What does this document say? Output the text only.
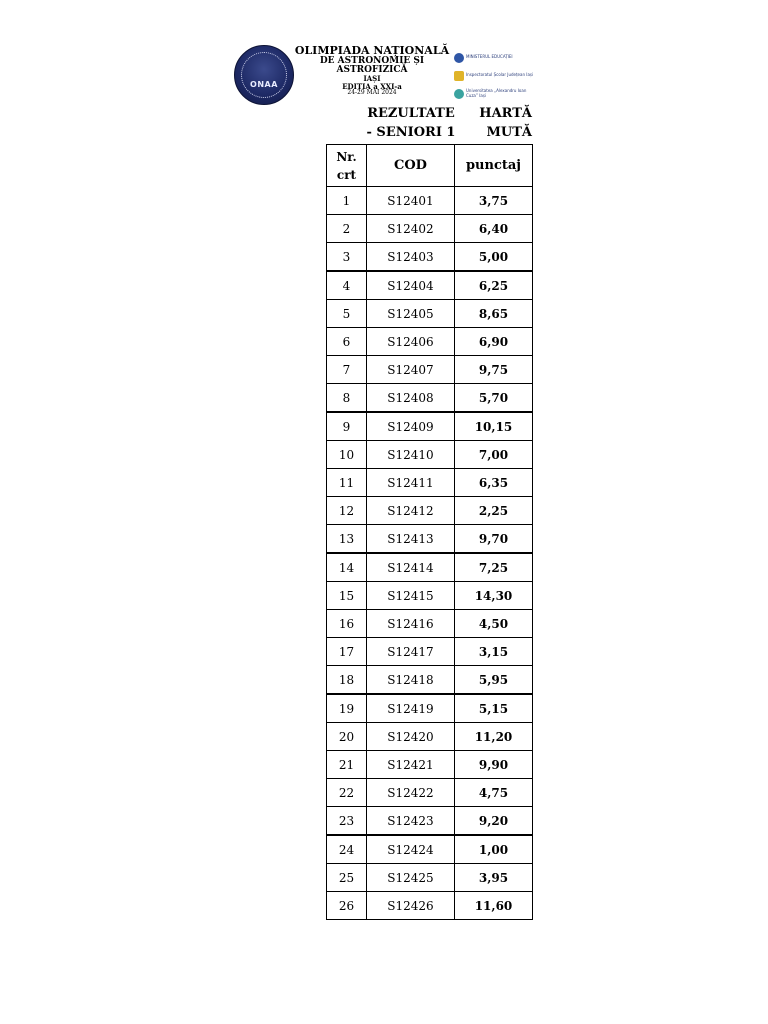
ONAA
OLIMPIADA NAȚIONALĂ
DE ASTRONOMIE ȘI ASTROFIZICĂ
IAȘI
EDIȚIA a XXI-a
24-29 MAI 2024
MINISTERUL EDUCAȚIEI
Inspectoratul Școlar Județean Iași
Universitatea „Alexandru Ioan Cuza” Iași
REZULTATE
- SENIORI 1
HARTĂ
MUTĂ
Nr.
crt	COD	punctaj
1	S12401	3,75
2	S12402	6,40
3	S12403	5,00
4	S12404	6,25
5	S12405	8,65
6	S12406	6,90
7	S12407	9,75
8	S12408	5,70
9	S12409	10,15
10	S12410	7,00
11	S12411	6,35
12	S12412	2,25
13	S12413	9,70
14	S12414	7,25
15	S12415	14,30
16	S12416	4,50
17	S12417	3,15
18	S12418	5,95
19	S12419	5,15
20	S12420	11,20
21	S12421	9,90
22	S12422	4,75
23	S12423	9,20
24	S12424	1,00
25	S12425	3,95
26	S12426	11,60
